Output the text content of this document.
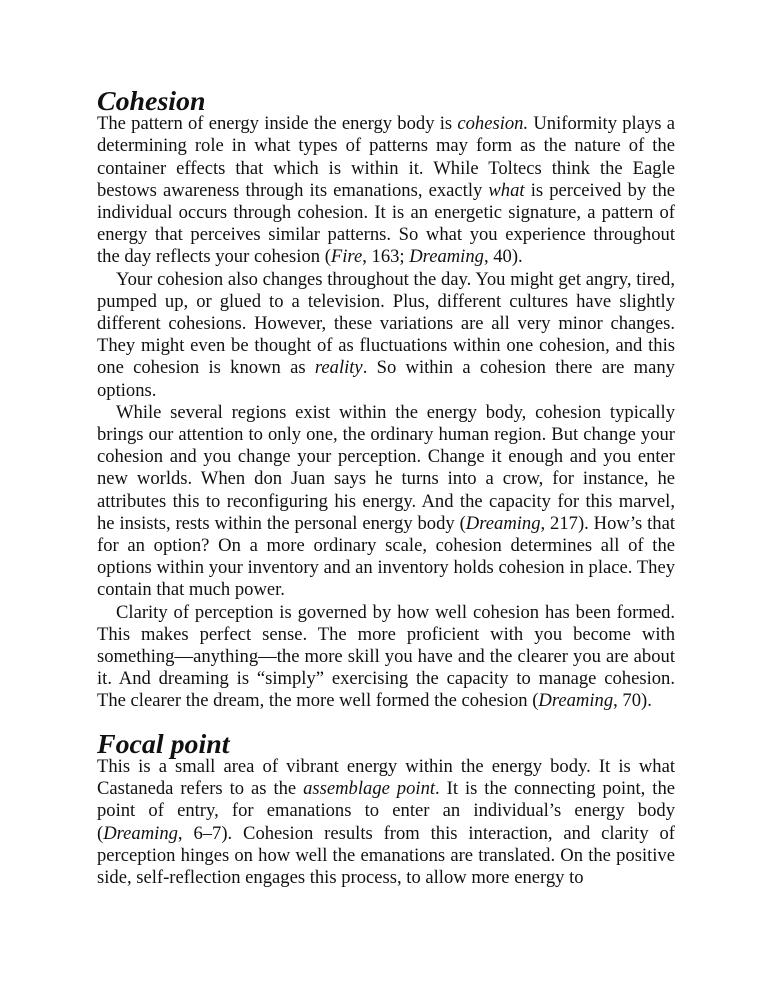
Cohesion

The pattern of energy inside the energy body is cohesion. Uniformity plays a determining role in what types of patterns may form as the nature of the container effects that which is within it. While Toltecs think the Eagle bestows awareness through its emanations, exactly what is perceived by the individual occurs through cohesion. It is an energetic signature, a pattern of energy that perceives similar patterns. So what you experience throughout the day reflects your cohesion (Fire, 163; Dreaming, 40).

Your cohesion also changes throughout the day. You might get angry, tired, pumped up, or glued to a television. Plus, different cultures have slightly different cohesions. However, these variations are all very minor changes. They might even be thought of as fluctuations within one cohesion, and this one cohesion is known as reality. So within a cohesion there are many options.

While several regions exist within the energy body, cohesion typically brings our attention to only one, the ordinary human region. But change your cohesion and you change your perception. Change it enough and you enter new worlds. When don Juan says he turns into a crow, for instance, he attributes this to reconfiguring his energy. And the capacity for this marvel, he insists, rests within the personal energy body (Dreaming, 217). How’s that for an option? On a more ordinary scale, cohesion determines all of the options within your inventory and an inventory holds cohesion in place. They contain that much power.

Clarity of perception is governed by how well cohesion has been formed. This makes perfect sense. The more proficient with you become with something—anything—the more skill you have and the clearer you are about it. And dreaming is “simply” exercising the capacity to manage cohesion. The clearer the dream, the more well formed the cohesion (Dreaming, 70).

Focal point

This is a small area of vibrant energy within the energy body. It is what Castaneda refers to as the assemblage point. It is the connecting point, the point of entry, for emanations to enter an individual’s energy body (Dreaming, 6–7). Cohesion results from this interaction, and clarity of perception hinges on how well the emanations are translated. On the positive side, self-reflection engages this process, to allow more energy to
